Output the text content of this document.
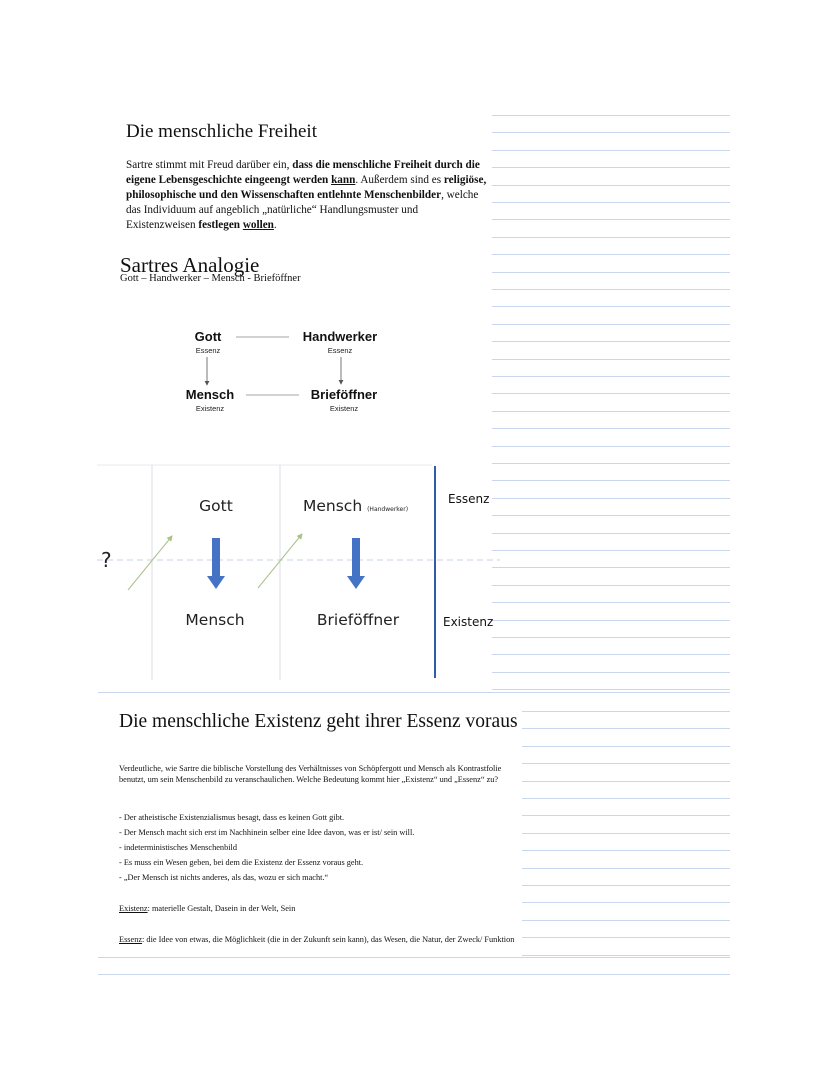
Die menschliche Freiheit

Sartre stimmt mit Freud darüber ein, dass die menschliche Freiheit durch die eigene Lebensgeschichte eingeengt werden kann. Außerdem sind es religiöse, philosophische und den Wissenschaften entlehnte Menschenbilder, welche das Individuum auf angeblich „natürliche“ Handlungsmuster und Existenzweisen festlegen wollen.

Sartres Analogie
Gott – Handwerker – Mensch - Brieföffner
Gott
Essenz
Handwerker
Essenz
Mensch
Existenz
Brieföffner
Existenz
?
Gott	Mensch (Handwerker)
Mensch	Brieföffner
Essenz
Existenz
Die menschliche Existenz geht ihrer Essenz voraus

Verdeutliche, wie Sartre die biblische Vorstellung des Verhältnisses von Schöpfergott und Mensch als Kontrastfolie benutzt, um sein Menschenbild zu veranschaulichen. Welche Bedeutung kommt hier „Existenz“ und „Essenz“ zu?

- Der atheistische Existenzialismus besagt, dass es keinen Gott gibt.
- Der Mensch macht sich erst im Nachhinein selber eine Idee davon, was er ist/ sein will.
- indeterministisches Menschenbild
- Es muss ein Wesen geben, bei dem die Existenz der Essenz voraus geht.
- „Der Mensch ist nichts anderes, als das, wozu er sich macht.“

Existenz: materielle Gestalt, Dasein in der Welt, Sein

Essenz: die Idee von etwas, die Möglichkeit (die in der Zukunft sein kann), das Wesen, die Natur, der Zweck/ Funktion
